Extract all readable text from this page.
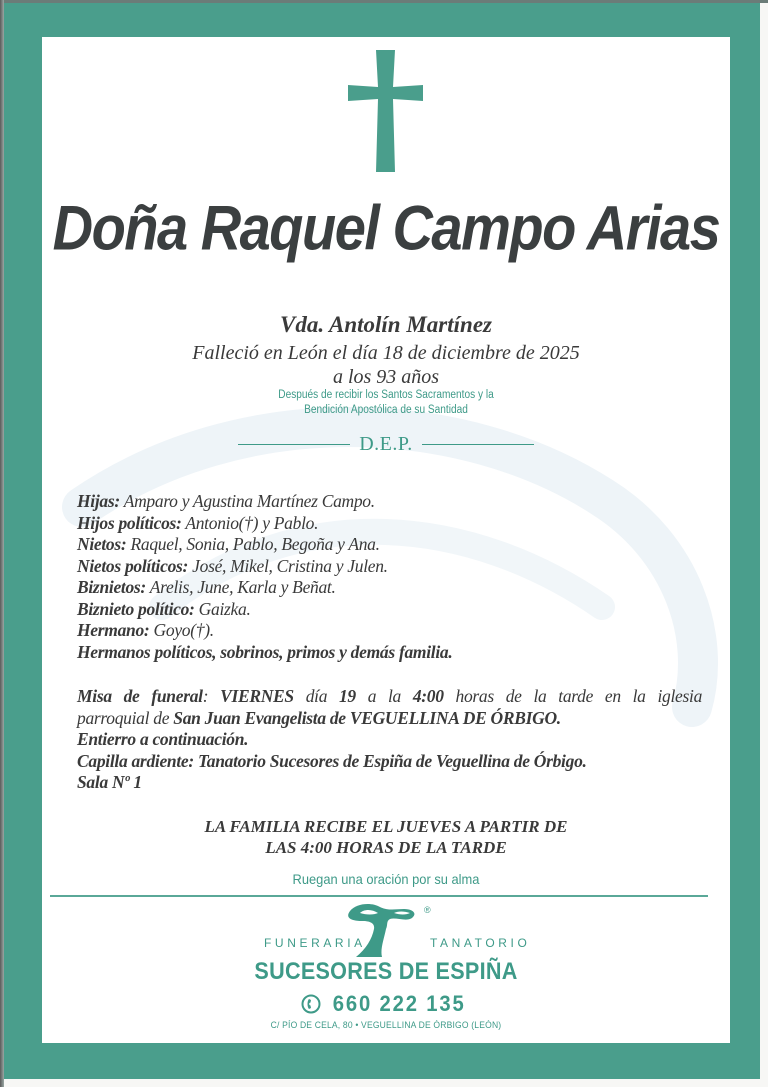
Doña Raquel Campo Arias
Vda. Antolín Martínez
Falleció en León el día 18 de diciembre de 2025
a los 93 años
Después de recibir los Santos Sacramentos y la
Bendición Apostólica de su Santidad
D.E.P.
Hijas: Amparo y Agustina Martínez Campo.
Hijos políticos: Antonio(†) y Pablo.
Nietos: Raquel, Sonia, Pablo, Begoña y Ana.
Nietos políticos: José, Mikel, Cristina y Julen.
Biznietos: Arelis, June, Karla y Beñat.
Biznieto político: Gaizka.
Hermano: Goyo(†).
Hermanos políticos, sobrinos, primos y demás familia.
Misa de funeral: VIERNES día 19 a la 4:00 horas de la tarde en la iglesia
parroquial de San Juan Evangelista de VEGUELLINA DE ÓRBIGO.
Entierro a continuación.
Capilla ardiente: Tanatorio Sucesores de Espiña de Veguellina de Órbigo.
Sala Nº 1
LA FAMILIA RECIBE EL JUEVES A PARTIR DE
LAS 4:00 HORAS DE LA TARDE
Ruegan una oración por su alma
®
FUNERARIA	TANATORIO
SUCESORES DE ESPIÑA
660 222 135
C/ PÍO DE CELA, 80 • VEGUELLINA DE ÓRBIGO (LEÓN)
